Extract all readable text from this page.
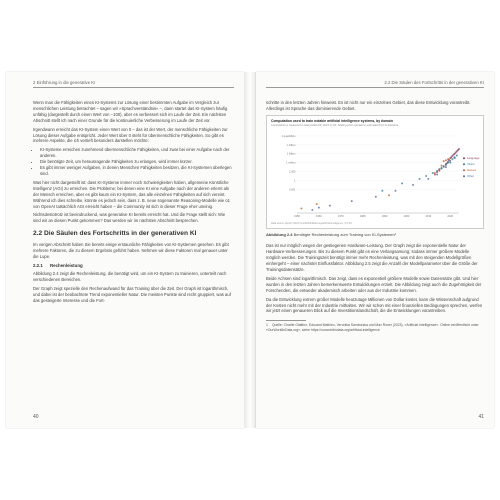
2 Einführung in die generative KI

Wenn man die Fähigkeiten eines KI-Systems zur Lösung einer bestimmten Aufgabe im Vergleich zur menschlichen Leistung betrachtet – sagen wir »Sprachverständnis« –, dann startet das KI-System häufig unfähig (dargestellt durch einen Wert von −100), aber es verbessert sich im Laufe der Zeit. Ein nächsten Abschnitt stellt ich nach einer Grunde für die kontinuierliche Verbesserung im Laufe der Zeit vor.

Irgendwann erreicht das KI-System einen Wert von 0 – das ist der Wert, der menschliche Fähigkeiten zur Lösung dieser Aufgabe entspricht. Jeder Wert über 0 steht für übermenschliche Fähigkeiten. So gibt es mehrere Aspekte, die ich vertieft besonders darstellen möchte:

• KI-Systeme erreichen zunehmend übermenschliche Fähigkeiten, und zwar bei einer Aufgabe nach der anderen.
• Die benötigte Zeit, um herausragende Fähigkeiten zu erlangen, wird immer kürzer.
• Es gibt immer weniger Aufgaben, in denen Menschen Fähigkeiten besitzen, die KI-Systemen überlegen sind.

Was hier nicht dargestellt ist: dass KI-Systeme immer noch Schwierigkeiten haben, allgemeine Künstliche Intelligenz (AGI) zu erreichen. Die Probleme; bei denen eine KI eine Aufgabe nach der anderen erlernt als der Mensch erreichen, aber es gibt kaum ein KI-System, das alle einzelnen Fähigkeiten auf sich vereint. Während ich dies schreibe, könnte es jedoch sein, dass z. B. neue sogenannte Reasoning-Modelle wie o1 von OpenAI tatsächlich AGI erreicht haben – die Community ist sich in dieser Frage eher uneinig.

Nichtsdestotrotz ist beeindruckend, was generative KI bereits erreicht hat. Und die Frage stellt sich: Wie sind wir an diesen Punkt gekommen? Das werden wir im nächsten Abschnitt besprechen.

2.2 Die Säulen des Fortschritts in der generativen KI

Im vorigen Abschnitt haben Sie bereits einige erstaunliche Fähigkeiten von KI-Systemen gesehen. Es gibt mehrere Faktoren, die zu diesem Ergebnis geführt haben. Nehmen wir diese Faktoren mal genauer unter die Lupe.

2.2.1 Rechenleistung

Abbildung 2.4 zeigt die Rechenleistung, die benötigt wird, um ein KI-System zu trainieren, unterteilt nach verschiedenen Bereichen.

Der Graph zeigt spezielle den Rechenaufwand für das Training über die Zeit. Der Graph ist logarithmisch, und dabei ist der beobachtete Trend exponentieller Natur. Die meisten Punkte sind recht gruppiert, was auf das gesteigerte Interesse und die Fort-

40
2.2 Die Säulen des Fortschritts in der generativen KI

schritte in den letzten Jahren hinweist. Es ist nicht nur ein einzelnes Gebiet, das diese Entwicklung vorantreibt. Allerdings ist Sprache das dominierende Gebiet.

Computation used to train notable artificial intelligence systems, by domain
Computation is measured in total petaFLOP, which is 10¹⁵ floating-point operations, estimated from AI literature.
1 quadrillion
1 trillion
1 billion
1 million
1,000
1
0.001
1950	1960	1970	1980	1990	2000	2010	2020
Language
Vision
Games
Other
Data source: Epoch (2024) OurWorldInData.org/artificial-intelligence | CC BY
Abbildung 2.4 Benötigte Rechenleistung zum Training von KI-Systemen¹

Das ist nur möglich wegen der gestiegenen Hardware-Leistung. Der Graph zeigt die exponentielle Natur der Hardware-Verbesserungen. Bis zu diesem Punkt gibt es eine Verlangsamung; sodass immer größere Modelle möglich werden. Die Trainingszeit benötigt immer mehr Rechenleistung, was mit den steigenden Modellgrößen einhergeht – einer nächster Einflussfaktor. Abbildung 2.5 zeigt die Anzahl der Modellparameter über die Größe der Trainingsdatensätze.

Beide Achsen sind logarithmisch. Das zeigt, dass es exponentiell größere Modelle sowie Datensätze gibt. Und hier wurden in den letzten Jahren bemerkenswerte Entwicklungen erzielt. Die Abbildung zeigt auch die Zugehörigkeit der Forschenden, die entweder akademisch arbeiten oder aus der Industrie kommen.

Da die Entwicklung extrem großer Modelle heutzutage Millionen von Dollar kostet, kann die Wissenschaft aufgrund der Kosten nicht mehr mit der Industrie mithalten. Wir wir schon mit einer finanziellen Bedingungen sprechen, werfen wir jetzt einen genaueren Blick auf die Investitionslandschaft, die die Entwicklungen vorantreiben.

1 Quelle: Charlie Giattino, Edouard Mathieu, Veronika Samborska und Max Roser (2023), »Artificial Intelligence«. Online veröffentlicht unter »OurWorldInData.org«, siehe https://ourworldindata.org/artificial-intelligence
41
